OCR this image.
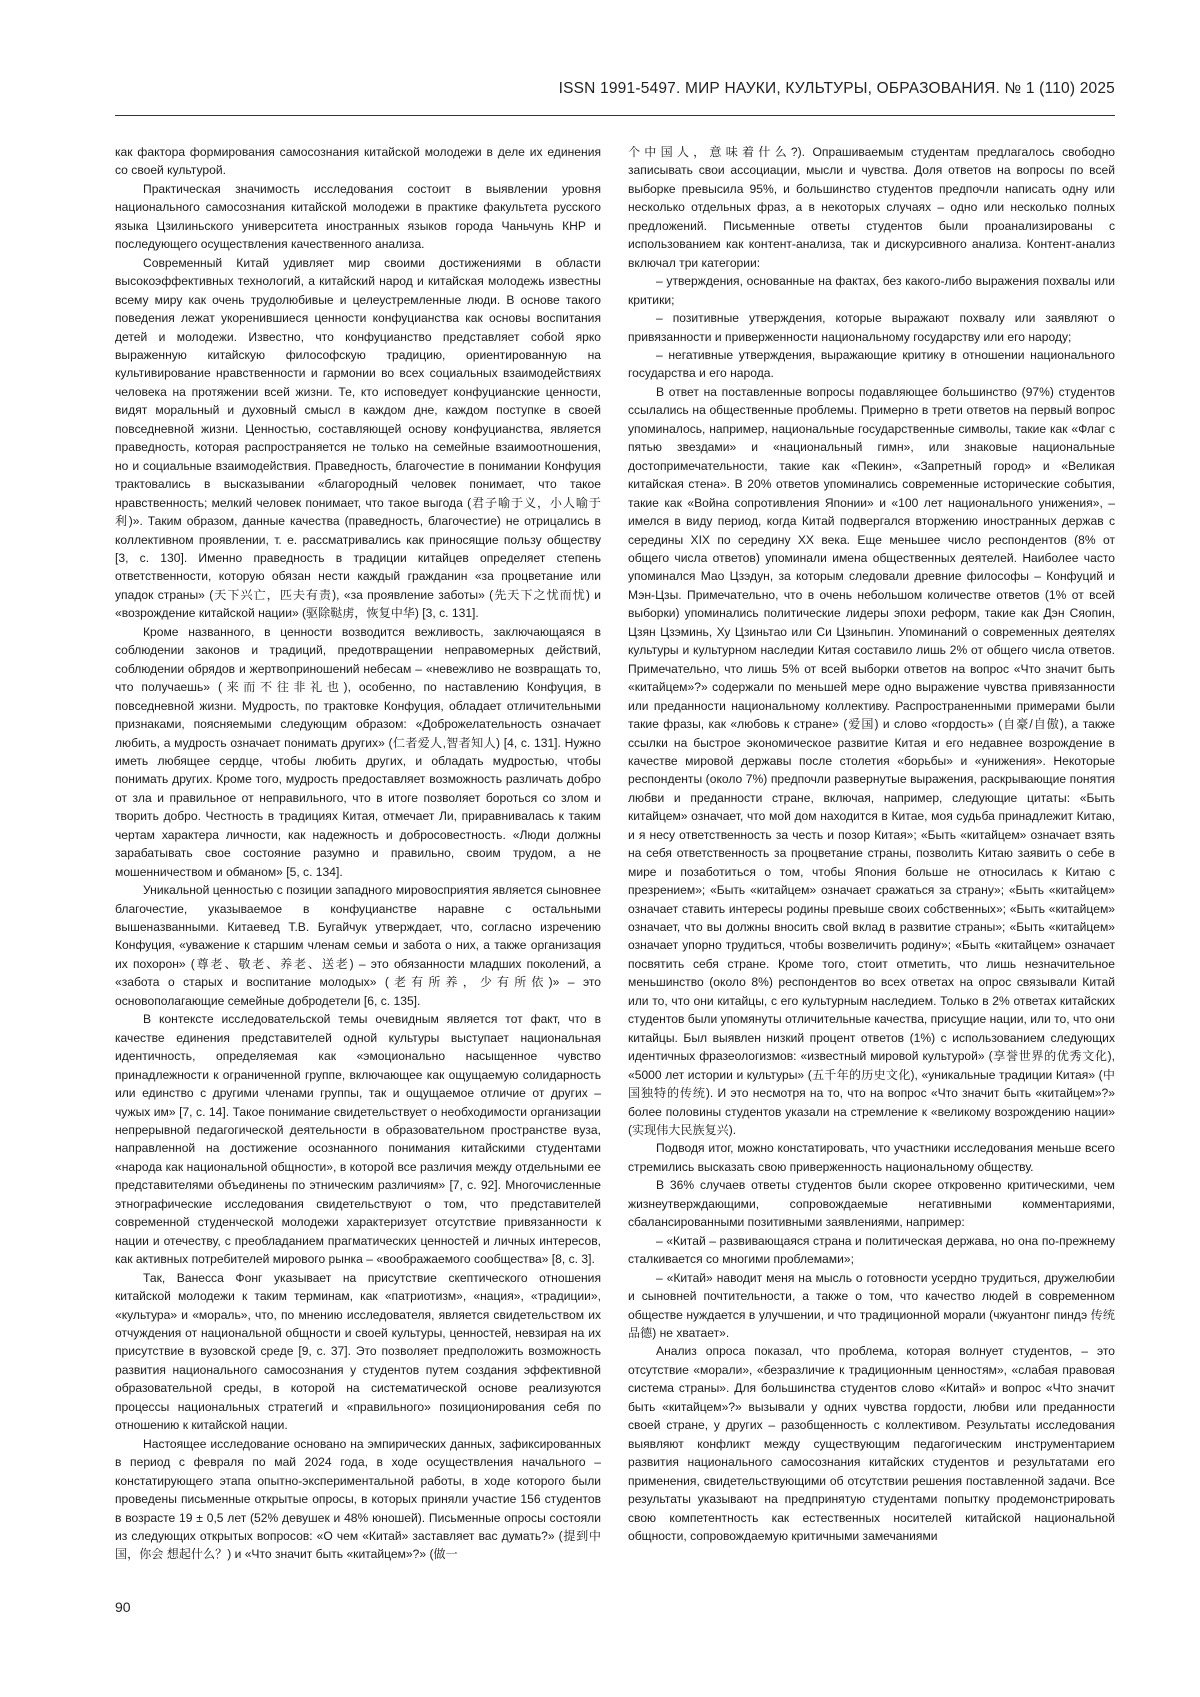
ISSN 1991-5497. МИР НАУКИ, КУЛЬТУРЫ, ОБРАЗОВАНИЯ. № 1 (110) 2025

как фактора формирования самосознания китайской молодежи в деле их единения со своей культурой.

Практическая значимость исследования состоит в выявлении уровня национального самосознания китайской молодежи в практике факультета русского языка Цзилиньского университета иностранных языков города Чаньчунь КНР и последующего осуществления качественного анализа.

Современный Китай удивляет мир своими достижениями в области высокоэффективных технологий, а китайский народ и китайская молодежь известны всему миру как очень трудолюбивые и целеустремленные люди. В основе такого поведения лежат укоренившиеся ценности конфуцианства как основы воспитания детей и молодежи. Известно, что конфуцианство представляет собой ярко выраженную китайскую философскую традицию, ориентированную на культивирование нравственности и гармонии во всех социальных взаимодействиях человека на протяжении всей жизни. Те, кто исповедует конфуцианские ценности, видят моральный и духовный смысл в каждом дне, каждом поступке в своей повседневной жизни. Ценностью, составляющей основу конфуцианства, является праведность, которая распространяется не только на семейные взаимоотношения, но и социальные взаимодействия. Праведность, благочестие в понимании Конфуция трактовались в высказывании «благородный человек понимает, что такое нравственность; мелкий человек понимает, что такое выгода (君子喻于义，小人喻于利)». Таким образом, данные качества (праведность, благочестие) не отрицались в коллективном проявлении, т. е. рассматривались как приносящие пользу обществу [3, с. 130]. Именно праведность в традиции китайцев определяет степень ответственности, которую обязан нести каждый гражданин «за процветание или упадок страны» (天下兴亡，匹夫有责), «за проявление заботы» (先天下之忧而忧) и «возрождение китайской нации» (驱除鞑虏，恢复中华) [3, с. 131].

Кроме названного, в ценности возводится вежливость, заключающаяся в соблюдении законов и традиций, предотвращении неправомерных действий, соблюдении обрядов и жертвоприношений небесам – «невежливо не возвращать то, что получаешь» (来而不往非礼也), особенно, по наставлению Конфуция, в повседневной жизни. Мудрость, по трактовке Конфуция, обладает отличительными признаками, поясняемыми следующим образом: «Доброжелательность означает любить, а мудрость означает понимать других» (仁者爱人,智者知人) [4, с. 131]. Нужно иметь любящее сердце, чтобы любить других, и обладать мудростью, чтобы понимать других. Кроме того, мудрость предоставляет возможность различать добро от зла и правильное от неправильного, что в итоге позволяет бороться со злом и творить добро. Честность в традициях Китая, отмечает Ли, приравнивалась к таким чертам характера личности, как надежность и добросовестность. «Люди должны зарабатывать свое состояние разумно и правильно, своим трудом, а не мошенничеством и обманом» [5, с. 134].

Уникальной ценностью с позиции западного мировосприятия является сыновнее благочестие, указываемое в конфуцианстве наравне с остальными вышеназванными. Китаевед Т.В. Бугайчук утверждает, что, согласно изречению Конфуция, «уважение к старшим членам семьи и забота о них, а также организация их похорон» (尊老、敬老、养老、送老) – это обязанности младших поколений, а «забота о старых и воспитание молодых» (老有所养，少有所依)» – это основополагающие семейные добродетели [6, с. 135].

В контексте исследовательской темы очевидным является тот факт, что в качестве единения представителей одной культуры выступает национальная идентичность, определяемая как «эмоционально насыщенное чувство принадлежности к ограниченной группе, включающее как ощущаемую солидарность или единство с другими членами группы, так и ощущаемое отличие от других – чужых им» [7, с. 14]. Такое понимание свидетельствует о необходимости организации непрерывной педагогической деятельности в образовательном пространстве вуза, направленной на достижение осознанного понимания китайскими студентами «народа как национальной общности», в которой все различия между отдельными ее представителями объединены по этническим различиям» [7, с. 92]. Многочисленные этнографические исследования свидетельствуют о том, что представителей современной студенческой молодежи характеризует отсутствие привязанности к нации и отечеству, с преобладанием прагматических ценностей и личных интересов, как активных потребителей мирового рынка – «воображаемого сообщества» [8, с. 3].

Так, Ванесса Фонг указывает на присутствие скептического отношения китайской молодежи к таким терминам, как «патриотизм», «нация», «традиции», «культура» и «мораль», что, по мнению исследователя, является свидетельством их отчуждения от национальной общности и своей культуры, ценностей, невзирая на их присутствие в вузовской среде [9, с. 37]. Это позволяет предположить возможность развития национального самосознания у студентов путем создания эффективной образовательной среды, в которой на систематической основе реализуются процессы национальных стратегий и «правильного» позиционирования себя по отношению к китайской нации.

Настоящее исследование основано на эмпирических данных, зафиксированных в период с февраля по май 2024 года, в ходе осуществления начального – констатирующего этапа опытно-экспериментальной работы, в ходе которого были проведены письменные открытые опросы, в которых приняли участие 156 студентов в возрасте 19 ± 0,5 лет (52% девушек и 48% юношей). Письменные опросы состояли из следующих открытых вопросов: «О чем «Китай» заставляет вас думать?» (提到中国，你会 想起什么？) и «Что значит быть «китайцем»?» (做一

个中国人，意味着什么?). Опрашиваемым студентам предлагалось свободно записывать свои ассоциации, мысли и чувства. Доля ответов на вопросы по всей выборке превысила 95%, и большинство студентов предпочли написать одну или несколько отдельных фраз, а в некоторых случаях – одно или несколько полных предложений. Письменные ответы студентов были проанализированы с использованием как контент-анализа, так и дискурсивного анализа. Контент-анализ включал три категории:

– утверждения, основанные на фактах, без какого-либо выражения похвалы или критики;

– позитивные утверждения, которые выражают похвалу или заявляют о привязанности и приверженности национальному государству или его народу;

– негативные утверждения, выражающие критику в отношении национального государства и его народа.

В ответ на поставленные вопросы подавляющее большинство (97%) студентов ссылались на общественные проблемы. Примерно в трети ответов на первый вопрос упоминалось, например, национальные государственные символы, такие как «Флаг с пятью звездами» и «национальный гимн», или знаковые национальные достопримечательности, такие как «Пекин», «Запретный город» и «Великая китайская стена». В 20% ответов упоминались современные исторические события, такие как «Война сопротивления Японии» и «100 лет национального унижения», – имелся в виду период, когда Китай подвергался вторжению иностранных держав с середины XIX по середину XX века. Еще меньшее число респондентов (8% от общего числа ответов) упоминали имена общественных деятелей. Наиболее часто упоминался Мао Цзэдун, за которым следовали древние философы – Конфуций и Мэн-Цзы. Примечательно, что в очень небольшом количестве ответов (1% от всей выборки) упоминались политические лидеры эпохи реформ, такие как Дэн Сяопин, Цзян Цзэминь, Ху Цзиньтао или Си Цзиньпин. Упоминаний о современных деятелях культуры и культурном наследии Китая составило лишь 2% от общего числа ответов. Примечательно, что лишь 5% от всей выборки ответов на вопрос «Что значит быть «китайцем»?» содержали по меньшей мере одно выражение чувства привязанности или преданности национальному коллективу. Распространенными примерами были такие фразы, как «любовь к стране» (爱国) и слово «гордость» (自豪/自傲), а также ссылки на быстрое экономическое развитие Китая и его недавнее возрождение в качестве мировой державы после столетия «борьбы» и «унижения». Некоторые респонденты (около 7%) предпочли развернутые выражения, раскрывающие понятия любви и преданности стране, включая, например, следующие цитаты: «Быть китайцем» означает, что мой дом находится в Китае, моя судьба принадлежит Китаю, и я несу ответственность за честь и позор Китая»; «Быть «китайцем» означает взять на себя ответственность за процветание страны, позволить Китаю заявить о себе в мире и позаботиться о том, чтобы Япония больше не относилась к Китаю с презрением»; «Быть «китайцем» означает сражаться за страну»; «Быть «китайцем» означает ставить интересы родины превыше своих собственных»; «Быть «китайцем» означает, что вы должны вносить свой вклад в развитие страны»; «Быть «китайцем» означает упорно трудиться, чтобы возвеличить родину»; «Быть «китайцем» означает посвятить себя стране. Кроме того, стоит отметить, что лишь незначительное меньшинство (около 8%) респондентов во всех ответах на опрос связывали Китай или то, что они китайцы, с его культурным наследием. Только в 2% ответах китайских студентов были упомянуты отличительные качества, присущие нации, или то, что они китайцы. Был выявлен низкий процент ответов (1%) с использованием следующих идентичных фразеологизмов: «известный мировой культурой» (享誉世界的优秀文化), «5000 лет истории и культуры» (五千年的历史文化), «уникальные традиции Китая» (中国独特的传统). И это несмотря на то, что на вопрос «Что значит быть «китайцем»?» более половины студентов указали на стремление к «великому возрождению нации» (实现伟大民族复兴).

Подводя итог, можно констатировать, что участники исследования меньше всего стремились высказать свою приверженность национальному обществу.

В 36% случаев ответы студентов были скорее откровенно критическими, чем жизнеутверждающими, сопровождаемые негативными комментариями, сбалансированными позитивными заявлениями, например:

– «Китай – развивающаяся страна и политическая держава, но она по-прежнему сталкивается со многими проблемами»;

– «Китай» наводит меня на мысль о готовности усердно трудиться, дружелюбии и сыновней почтительности, а также о том, что качество людей в современном обществе нуждается в улучшении, и что традиционной морали (чжуантонг пиндэ 传统品德) не хватает».

Анализ опроса показал, что проблема, которая волнует студентов, – это отсутствие «морали», «безразличие к традиционным ценностям», «слабая правовая система страны». Для большинства студентов слово «Китай» и вопрос «Что значит быть «китайцем»?» вызывали у одних чувства гордости, любви или преданности своей стране, у других – разобщенность с коллективом. Результаты исследования выявляют конфликт между существующим педагогическим инструментарием развития национального самосознания китайских студентов и результатами его применения, свидетельствующими об отсутствии решения поставленной задачи. Все результаты указывают на предпринятую студентами попытку продемонстрировать свою компетентность как естественных носителей китайской национальной общности, сопровождаемую критичными замечаниями

90
